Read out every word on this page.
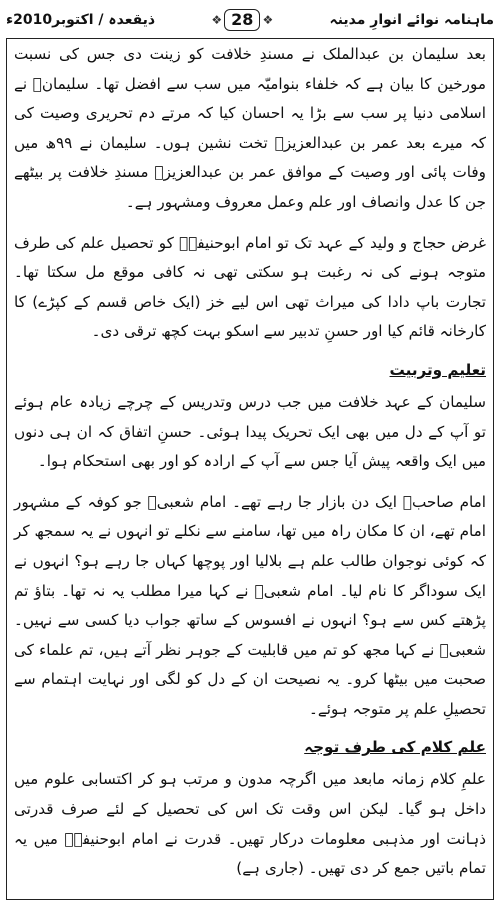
ماہنامہ نوائے انوارِ مدینہ
❖
28
❖
ذیقعدہ / اکتوبر2010ء

بعد سلیمان بن عبدالملک نے مسندِ خلافت کو زینت دی جس کی نسبت مورخین کا بیان ہے کہ خلفاء بنوامیّہ میں سب سے افضل تھا۔ سلیمانؒ نے اسلامی دنیا پر سب سے بڑا یہ احسان کیا کہ مرتے دم تحریری وصیت کی کہ میرے بعد عمر بن عبدالعزیزؒ تخت نشین ہوں۔ سلیمان نے ۹۹ھ میں وفات پائی اور وصیت کے موافق عمر بن عبدالعزیزؒ مسندِ خلافت پر بیٹھے جن کا عدل وانصاف اور علم وعمل معروف ومشہور ہے۔

غرض حجاج و ولید کے عہد تک تو امام ابوحنیفہؒ کو تحصیل علم کی طرف متوجہ ہونے کی نہ رغبت ہو سکتی تھی نہ کافی موقع مل سکتا تھا۔ تجارت باپ دادا کی میراث تھی اس لیے خز (ایک خاص قسم کے کپڑے) کا کارخانہ قائم کیا اور حسنِ تدبیر سے اسکو بہت کچھ ترقی دی۔

تعلیم وتربیت

سلیمان کے عہد خلافت میں جب درس وتدریس کے چرچے زیادہ عام ہوئے تو آپ کے دل میں بھی ایک تحریک پیدا ہوئی۔ حسنِ اتفاق کہ ان ہی دنوں میں ایک واقعہ پیش آیا جس سے آپ کے ارادہ کو اور بھی استحکام ہوا۔

امام صاحبؒ ایک دن بازار جا رہے تھے۔ امام شعبیؒ جو کوفہ کے مشہور امام تھے، ان کا مکان راہ میں تھا، سامنے سے نکلے تو انہوں نے یہ سمجھ کر کہ کوئی نوجوان طالب علم ہے بلالیا اور پوچھا کہاں جا رہے ہو؟ انہوں نے ایک سوداگر کا نام لیا۔ امام شعبیؒ نے کہا میرا مطلب یہ نہ تھا۔ بتاؤ تم پڑھتے کس سے ہو؟ انہوں نے افسوس کے ساتھ جواب دیا کسی سے نہیں۔ شعبیؒ نے کہا مجھ کو تم میں قابلیت کے جوہر نظر آتے ہیں، تم علماء کی صحبت میں بیٹھا کرو۔ یہ نصیحت ان کے دل کو لگی اور نہایت اہتمام سے تحصیلِ علم پر متوجہ ہوئے۔

علم کلام کی طرف توجہ

علمِ کلام زمانہ مابعد میں اگرچہ مدون و مرتب ہو کر اکتسابی علوم میں داخل ہو گیا۔ لیکن اس وقت تک اس کی تحصیل کے لئے صرف قدرتی ذہانت اور مذہبی معلومات درکار تھیں۔ قدرت نے امام ابوحنیفہؒ میں یہ تمام باتیں جمع کر دی تھیں۔ (جاری ہے)
